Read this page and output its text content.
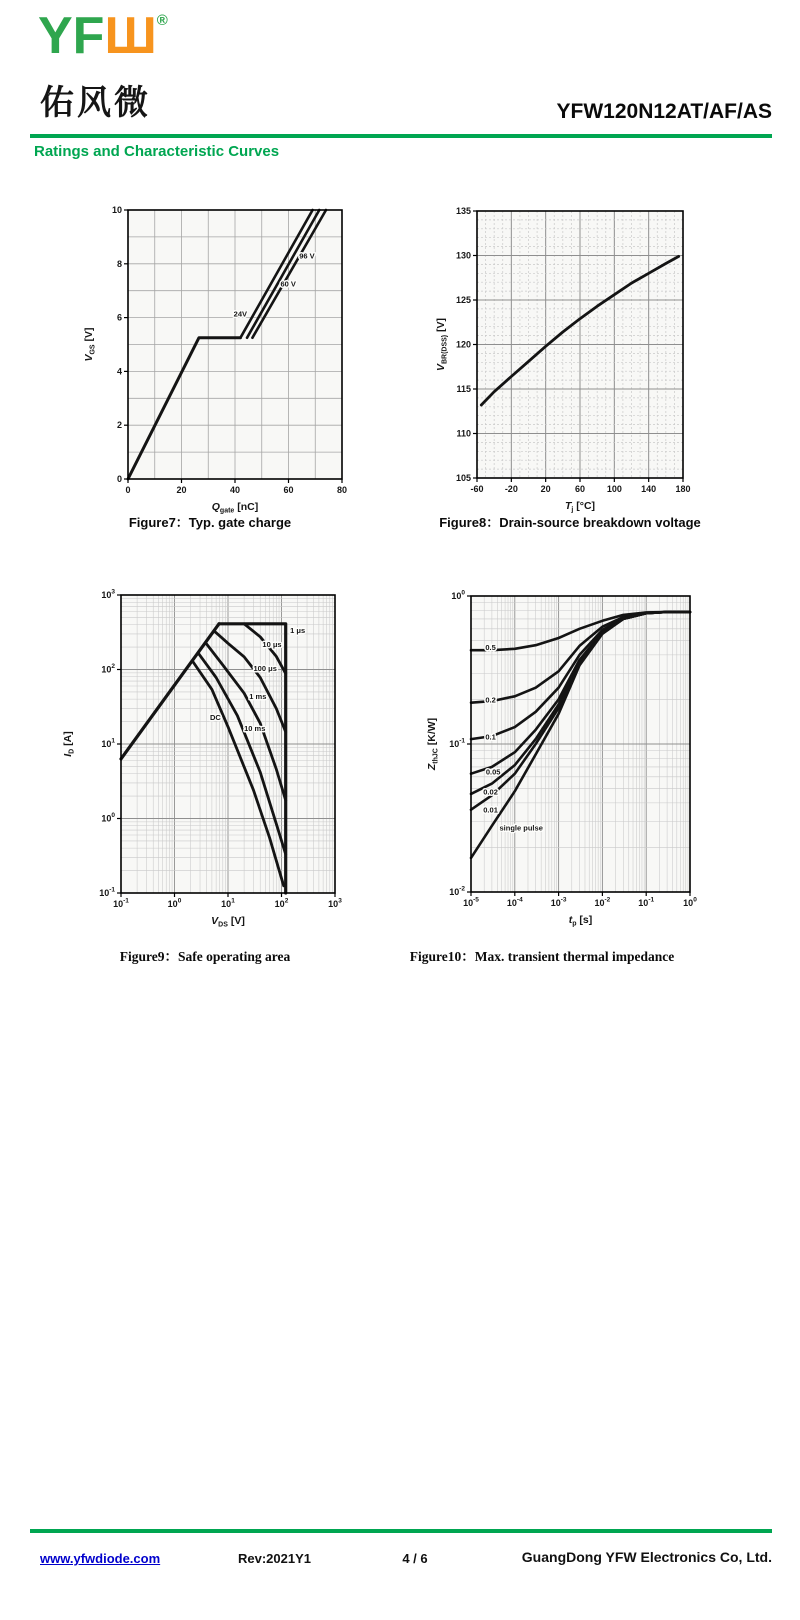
YFШ®
佑风微	YFW120N12AT/AF/AS
Ratings and Characteristic Curves
0	20	40	60	80
0
2
4
6
8
10
$Q_{gate}$ [nC]
$V_{GS}$ [V]
24V
60 V
96 V
Figure7：Typ. gate charge
-60 -20	20	60 100 140 180
105
110
115
120
125
130
135
$T_j$ [°C]
$V_{BR(DSS)}$ [V]
Figure8：Drain-source breakdown voltage
$10^{-1}$	$10^0$	$10^1$	$10^2$	$10^3$
$10^{-1}$
$10^0$
$10^1$
$10^2$
$10^3$
$V_{DS}$ [V]
$I_D$ [A]
1 μs
10 μs
100 μs
1 ms
10 ms
DC
Figure9：Safe operating area
$10^{-5}$	$10^{-4}$	$10^{-3}$	$10^{-2}$	$10^{-1}$	$10^0$
$10^{-2}$
$10^{-1}$
$10^0$
$t_p$ [s]
$Z_{thJC}$ [K/W]
0.5
0.2
0.1
0.05
0.02
0.01
single pulse
Figure10：Max. transient thermal impedance
www.yfwdiode.com	Rev:2021Y1	4 / 6	GuangDong YFW Electronics Co, Ltd.
